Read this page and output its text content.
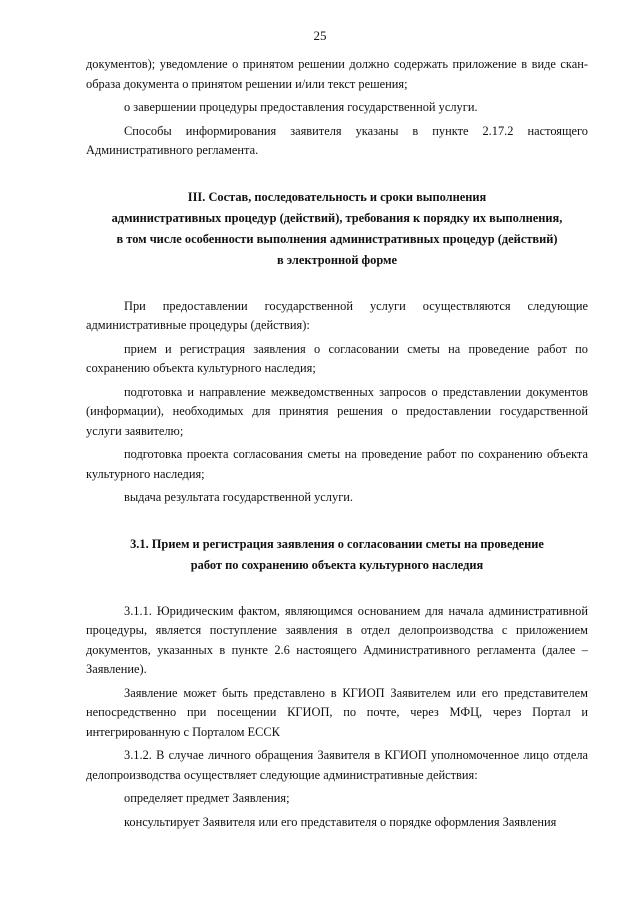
25

документов); уведомление о принятом решении должно содержать приложение в виде скан-образа документа о принятом решении и/или текст решения;

о завершении процедуры предоставления государственной услуги.

Способы информирования заявителя указаны в пункте 2.17.2 настоящего Административного регламента.

III. Состав, последовательность и сроки выполнения

административных процедур (действий), требования к порядку их выполнения,

в том числе особенности выполнения административных процедур (действий)

в электронной форме

При предоставлении государственной услуги осуществляются следующие административные процедуры (действия):

прием и регистрация заявления о согласовании сметы на проведение работ по сохранению объекта культурного наследия;

подготовка и направление межведомственных запросов о представлении документов (информации), необходимых для принятия решения о предоставлении государственной услуги заявителю;

подготовка проекта согласования сметы на проведение работ по сохранению объекта культурного наследия;

выдача результата государственной услуги.

3.1. Прием и регистрация заявления о согласовании сметы на проведение

работ по сохранению объекта культурного наследия

3.1.1. Юридическим фактом, являющимся основанием для начала административной процедуры, является поступление заявления в отдел делопроизводства с приложением документов, указанных в пункте 2.6 настоящего Административного регламента (далее – Заявление).

Заявление может быть представлено в КГИОП Заявителем или его представителем непосредственно при посещении КГИОП, по почте, через МФЦ, через Портал и интегрированную с Порталом ЕССК

3.1.2. В случае личного обращения Заявителя в КГИОП уполномоченное лицо отдела делопроизводства осуществляет следующие административные действия:

определяет предмет Заявления;

консультирует Заявителя или его представителя о порядке оформления Заявления
